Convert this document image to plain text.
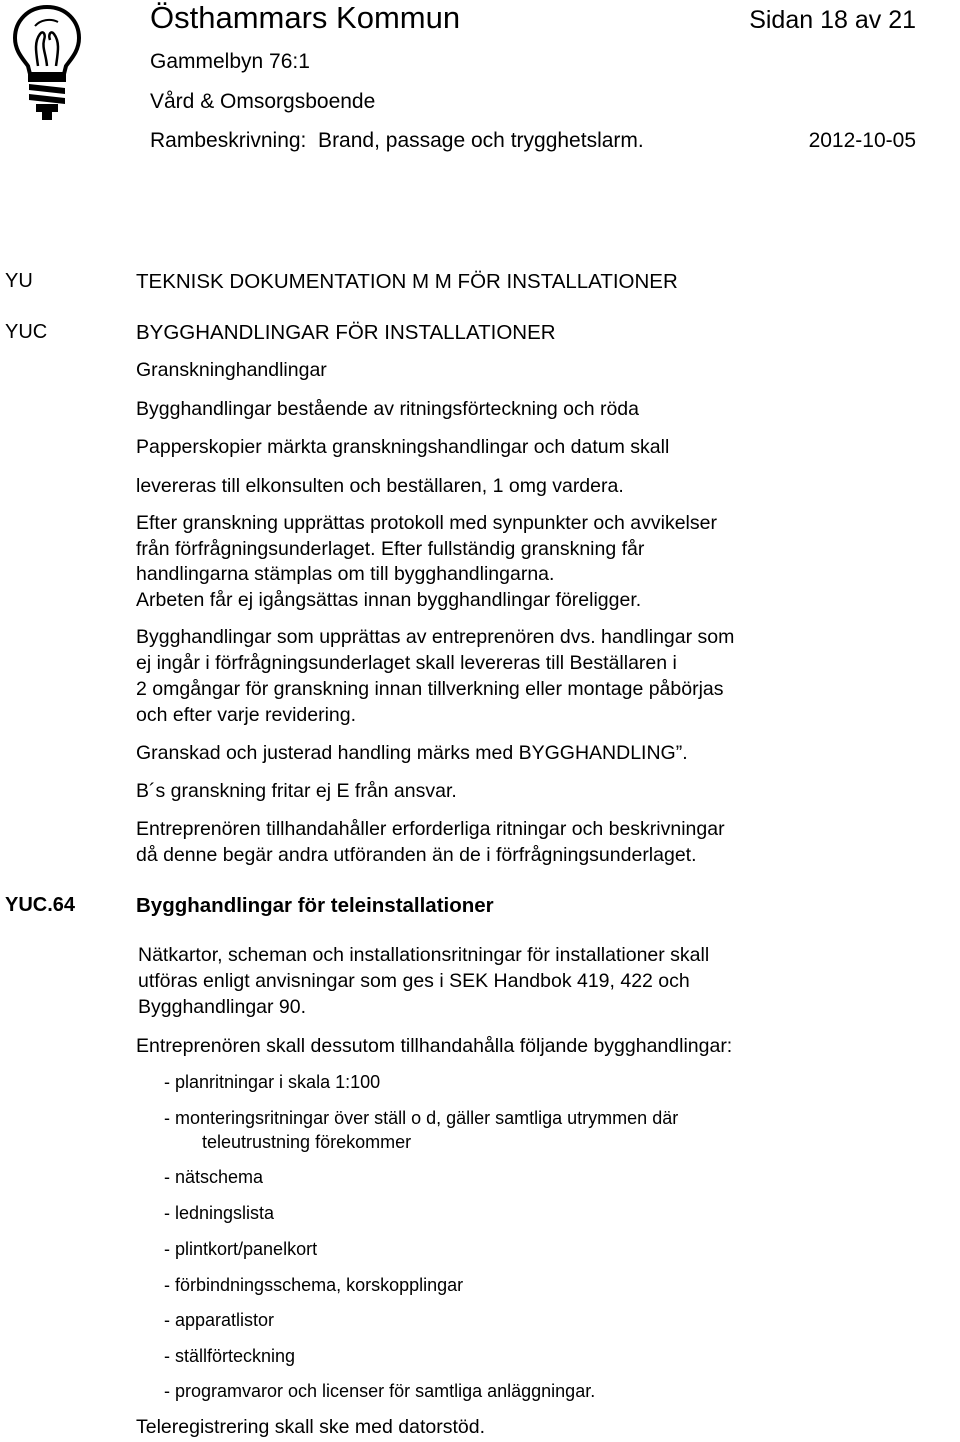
Östhammars Kommun	Sidan 18 av 21
Gammelbyn 76:1
Vård & Omsorgsboende
Rambeskrivning:  Brand, passage och trygghetslarm.	2012-10-05
YU
YUC
YUC.64
TEKNISK DOKUMENTATION M M FÖR INSTALLATIONER
BYGGHANDLINGAR FÖR INSTALLATIONER
Granskninghandlingar
Bygghandlingar bestående av ritningsförteckning och röda
Papperskopier märkta granskningshandlingar och datum skall
levereras till elkonsulten och beställaren, 1 omg vardera.
Efter granskning upprättas protokoll med synpunkter och avvikelser
från förfrågningsunderlaget. Efter fullständig granskning får
handlingarna stämplas om till bygghandlingarna.
Arbeten får ej igångsättas innan bygghandlingar föreligger.
Bygghandlingar som upprättas av entreprenören dvs. handlingar som
ej ingår i förfrågningsunderlaget skall levereras till Beställaren i
2 omgångar för granskning innan tillverkning eller montage påbörjas
och efter varje revidering.
Granskad och justerad handling märks med BYGGHANDLING”.
B´s granskning fritar ej E från ansvar.
Entreprenören tillhandahåller erforderliga ritningar och beskrivningar
då denne begär andra utföranden än de i förfrågningsunderlaget.
Bygghandlingar för teleinstallationer
Nätkartor, scheman och installationsritningar för installationer skall
utföras enligt anvisningar som ges i SEK Handbok 419, 422 och
Bygghandlingar 90.
Entreprenören skall dessutom tillhandahålla följande bygghandlingar:
- planritningar i skala 1:100
- monteringsritningar över ställ o d, gäller samtliga utrymmen där
teleutrustning förekommer
- nätschema
- ledningslista
- plintkort/panelkort
- förbindningsschema, korskopplingar
- apparatlistor
- ställförteckning
- programvaror och licenser för samtliga anläggningar.
Teleregistrering skall ske med datorstöd.
